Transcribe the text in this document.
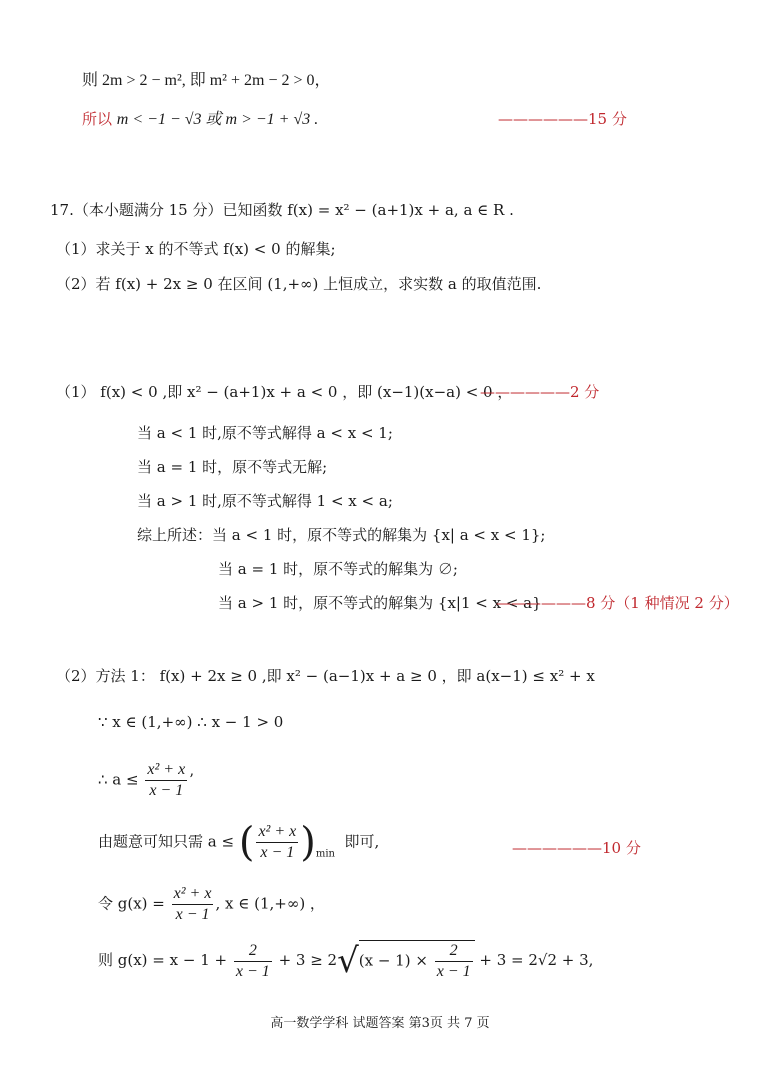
则 2m > 2 − m², 即 m² + 2m − 2 > 0，
所以 m < −1 − √3 或 m > −1 + √3 .	——————15 分
17.（本小题满分 15 分）已知函数 f(x) = x² − (a+1)x + a, a ∈ R .
（1）求关于 x 的不等式 f(x) < 0 的解集;
（2）若 f(x) + 2x ≥ 0 在区间 (1,+∞) 上恒成立，求实数 a 的取值范围.
（1） f(x) < 0 ,即 x² − (a+1)x + a < 0 ，即 (x−1)(x−a) < 0 ，
——————2 分
当 a < 1 时,原不等式解得 a < x < 1;
当 a = 1 时，原不等式无解;
当 a > 1 时,原不等式解得 1 < x < a;
综上所述：当 a < 1 时，原不等式的解集为 {x| a < x < 1};
当 a = 1 时，原不等式的解集为 ∅;
当 a > 1 时，原不等式的解集为 {x|1 < x < a}
——————8 分（1 种情况 2 分）
（2）方法 1： f(x) + 2x ≥ 0 ,即 x² − (a−1)x + a ≥ 0 ，即 a(x−1) ≤ x² + x
∵ x ∈ (1,+∞) ∴ x − 1 > 0
∴ $a \le \frac{\text{x² + x}}{x - 1}$ ’
由题意可知只需 a ≤ ( $\frac{\text{x² + x}}{x - 1} )_{min}$  即可,	——————10 分
令 $g(x) = \frac{\text{x² + x}}{x - 1}$ , x ∈ (1,+∞) ，
则 $g(x) = x - 1 + \frac{2}{x - 1} + 3 \ge 2√(x - 1) \times \frac{2}{x - 1} + 3 = 2√2 + 3$,
高一数学学科 试题答案 第3页 共 7 页
